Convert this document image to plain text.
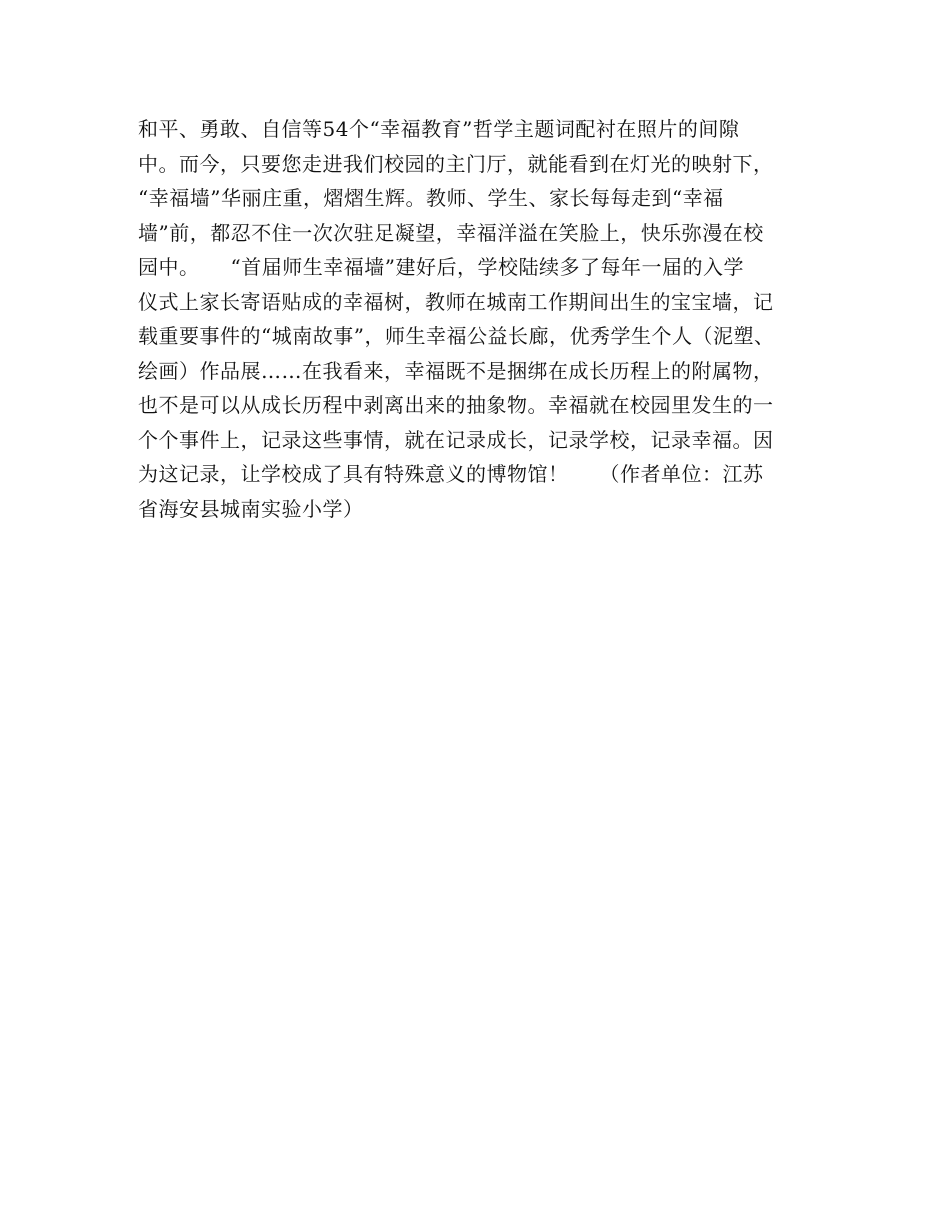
和平、勇敢、自信等54个“幸福教育”哲学主题词配衬在照片的间隙
中。而今，只要您走进我们校园的主门厅，就能看到在灯光的映射下，
“幸福墙”华丽庄重，熠熠生辉。教师、学生、家长每每走到“幸福
墙”前，都忍不住一次次驻足凝望，幸福洋溢在笑脸上，快乐弥漫在校
园中。　　“首届师生幸福墙”建好后，学校陆续多了每年一届的入学
仪式上家长寄语贴成的幸福树，教师在城南工作期间出生的宝宝墙，记
载重要事件的“城南故事”，师生幸福公益长廊，优秀学生个人（泥塑、
绘画）作品展……在我看来，幸福既不是捆绑在成长历程上的附属物，
也不是可以从成长历程中剥离出来的抽象物。幸福就在校园里发生的一
个个事件上，记录这些事情，就在记录成长，记录学校，记录幸福。因
为这记录，让学校成了具有特殊意义的博物馆！　　（作者单位：江苏
省海安县城南实验小学）
